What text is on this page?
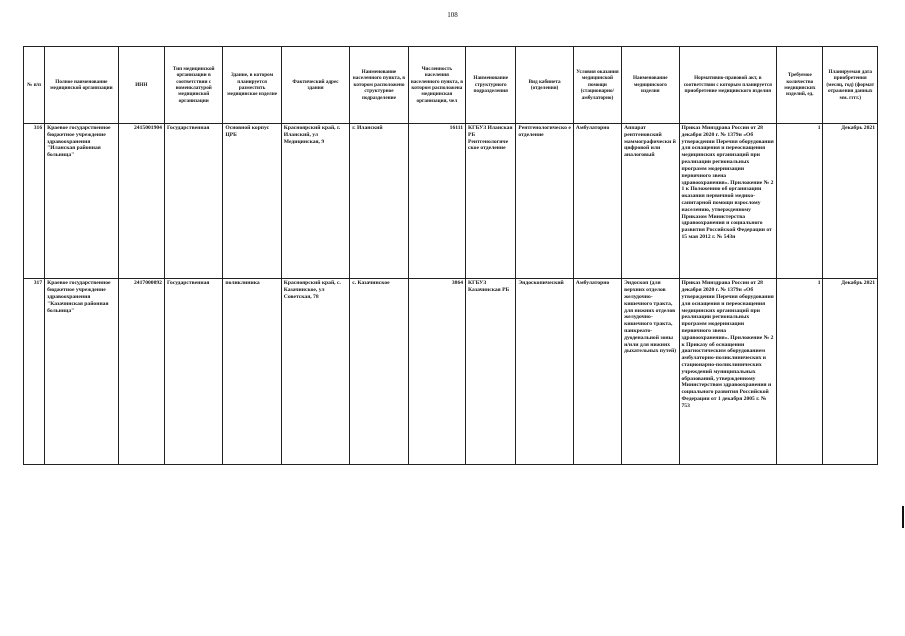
108
№ п/п	Полное наименование медицинской организации	ИНН	Тип медицинской организации в соответствии с номенклатурой медицинской организации	Здание, в котором планируется разместить медицинское изделие	Фактический адрес здания	Наименование населенного пункта, в котором расположено структурное подразделение	Численность населения населенного пункта, в котором расположена медицинская организация, чел	Наименование структурного подразделения	Вид кабинета (отделения)	Условия оказания медицинской помощи (стационарно/амбулаторно)	Наименование медицинского изделия	Нормативно-правовой акт, в соответствии с которым планируется приобретение медицинского изделия	Требуемое количество медицинских изделий, ед.	Планируемая дата приобретения (месяц, год) (формат отражения данных мм. гггг.)
316	Краевое государственное бюджетное учреждение здравоохранения "Иланская районная больница"	2415001904	Государственная	Основной корпус ЦРБ	Красноярский край, г. Иланский, ул Медицинская, 9	г. Иланский	16111	КГБУЗ Иланская РБ Рентгенологиче ское отделение	Рентгенологическо е отделение	Амбулаторно	Аппарат рентгеновский маммографически й цифровой или аналоговый	Приказ Минздрава России от 28 декабря 2020 г. № 1379н «Об утверждении Перечня оборудования для оснащения и переоснащения медицинских организаций при реализации региональных программ модернизации первичного звена здравоохранения». Приложение № 2 1 к Положению об организации оказания первичной медико-санитарной помощи взрослому населению, утвержденному Приказом Министерства здравоохранения и социального развития Российской Федерации от 15 мая 2012 г. № 543н	1	Декабрь 2021
317	Краевое государственное бюджетное учреждение здравоохранения "Казачинская районная больница"	2417000092	Государственная	поликлиника	Красноярский край, с. Казачинское, ул Советская, 78	с. Казачинское	3864	КГБУЗ Казачинская РБ	Эндоскопический	Амбулаторно	Эндоскоп (для верхних отделов желудочно-кишечного тракта, для нижних отделов желудочно-кишечного тракта, панкреато-дуоденальной зоны и/или для нижних дыхательных путей)	Приказ Минздрава России от 28 декабря 2020 г. № 1379н «Об утверждении Перечня оборудования для оснащения и переоснащения медицинских организаций при реализации региональных программ модернизации первичного звена здравоохранения». Приложение № 2 к Приказу об оснащении диагностическим оборудованием амбулаторно-поликлинических и стационарно-поликлинических учреждений муниципальных образований, утвержденному Министерством здравоохранения и социального развития Российской Федерации от 1 декабря 2005 г. № 753	1	Декабрь 2021
